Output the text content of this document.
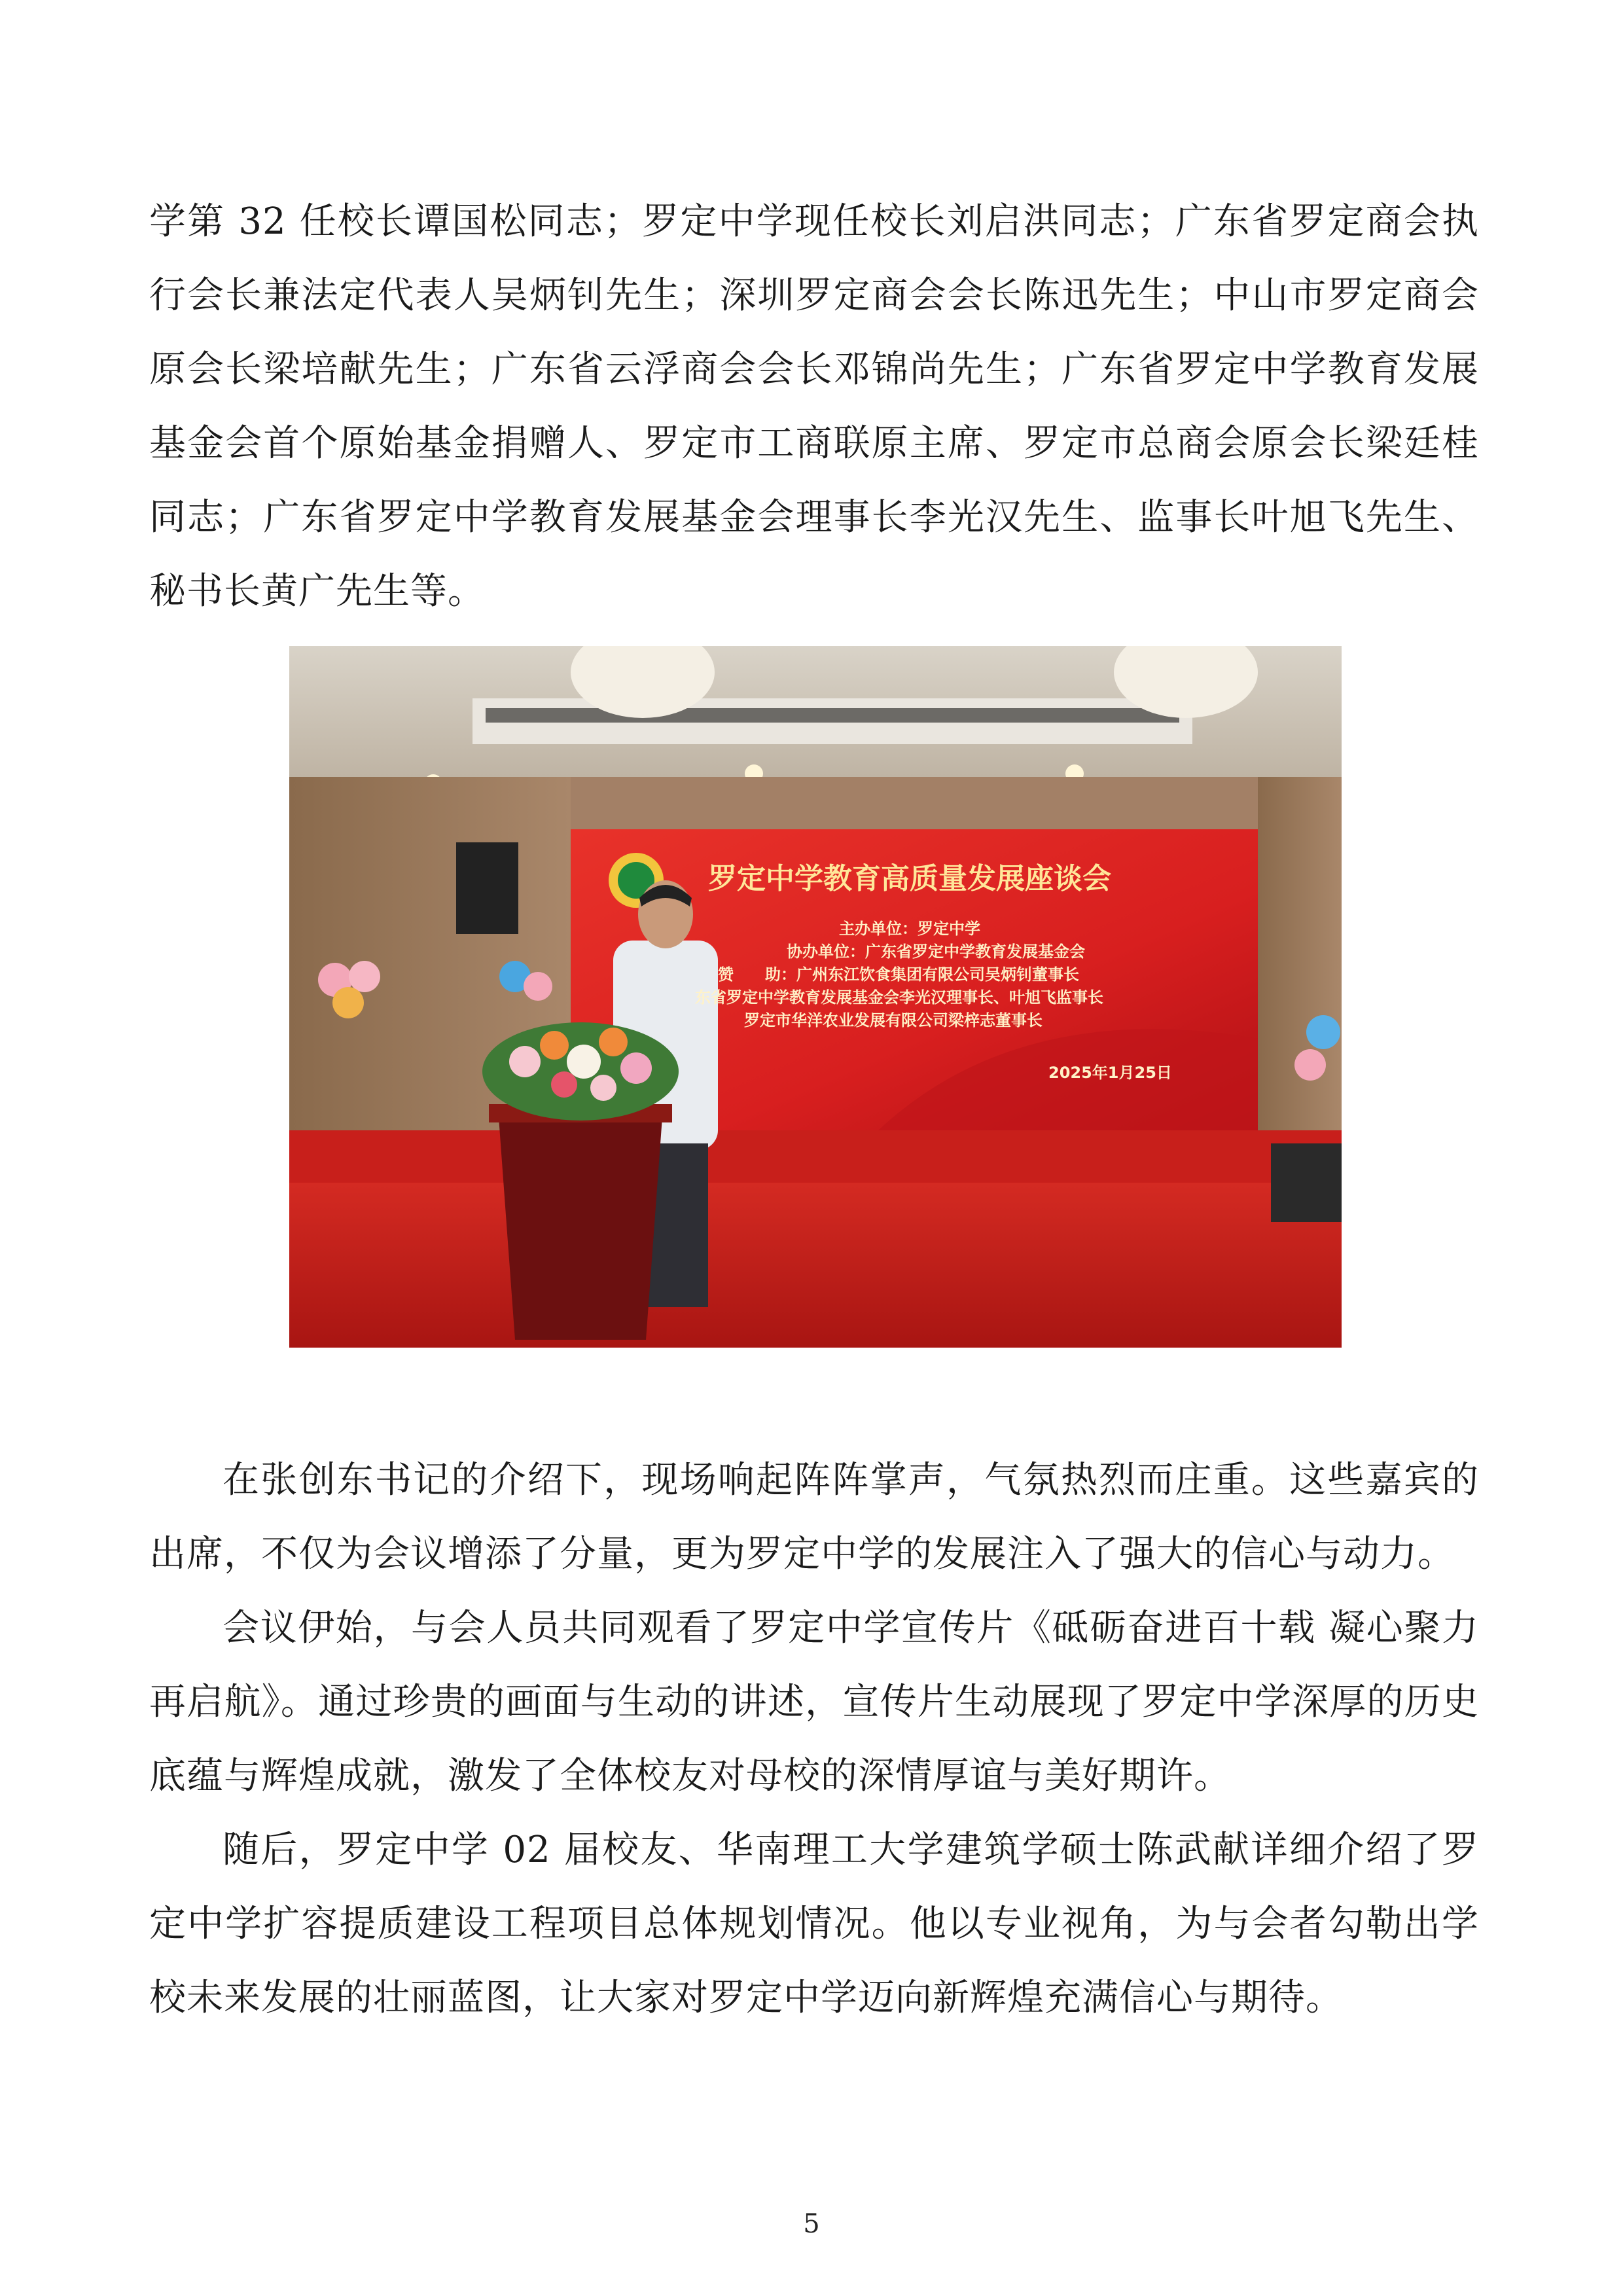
学第 32 任校长谭国松同志；罗定中学现任校长刘启洪同志；广东省罗定商会执行会长兼法定代表人吴炳钊先生；深圳罗定商会会长陈迅先生；中山市罗定商会原会长梁培献先生；广东省云浮商会会长邓锦尚先生；广东省罗定中学教育发展基金会首个原始基金捐赠人、罗定市工商联原主席、罗定市总商会原会长梁廷桂同志；广东省罗定中学教育发展基金会理事长李光汉先生、监事长叶旭飞先生、秘书长黄广先生等。

罗定中学教育高质量发展座谈会
主办单位：罗定中学
协办单位：广东省罗定中学教育发展基金会
赞　　助：广州东江饮食集团有限公司吴炳钊董事长
东省罗定中学教育发展基金会李光汉理事长、叶旭飞监事长
罗定市华洋农业发展有限公司梁梓志董事长
2025年1月25日

在张创东书记的介绍下，现场响起阵阵掌声，气氛热烈而庄重。这些嘉宾的出席，不仅为会议增添了分量，更为罗定中学的发展注入了强大的信心与动力。

会议伊始，与会人员共同观看了罗定中学宣传片《砥砺奋进百十载 凝心聚力再启航》。通过珍贵的画面与生动的讲述，宣传片生动展现了罗定中学深厚的历史底蕴与辉煌成就，激发了全体校友对母校的深情厚谊与美好期许。

随后，罗定中学 02 届校友、华南理工大学建筑学硕士陈武献详细介绍了罗定中学扩容提质建设工程项目总体规划情况。他以专业视角，为与会者勾勒出学校未来发展的壮丽蓝图，让大家对罗定中学迈向新辉煌充满信心与期待。

5
